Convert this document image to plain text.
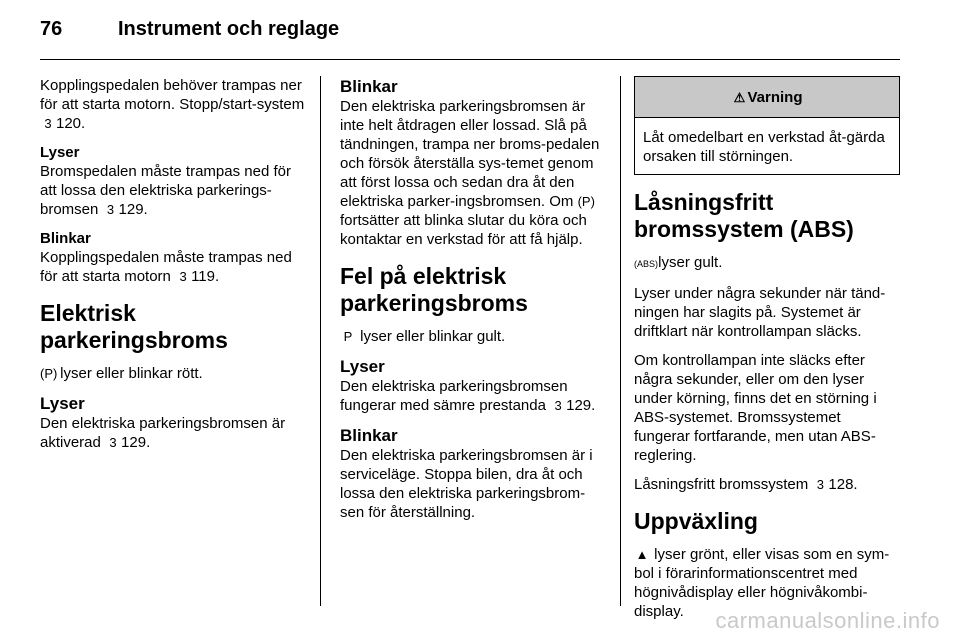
76	Instrument och reglage

Kopplingspedalen behöver trampas ner för att starta motorn. Stopp/start-system 3 120.

Lyser

Bromspedalen måste trampas ned för att lossa den elektriska parkerings-bromsen 3 129.

Blinkar

Kopplingspedalen måste trampas ned för att starta motorn 3 119.

Elektrisk parkeringsbroms

(P) lyser eller blinkar rött.

Lyser

Den elektriska parkeringsbromsen är aktiverad 3 129.

Blinkar

Den elektriska parkeringsbromsen är inte helt åtdragen eller lossad. Slå på tändningen, trampa ner broms-pedalen och försök återställa sys-temet genom att först lossa och sedan dra åt den elektriska parker-ingsbromsen. Om (P) fortsätter att blinka slutar du köra och kontaktar en verkstad för att få hjälp.

Fel på elektrisk parkeringsbroms

P lyser eller blinkar gult.

Lyser

Den elektriska parkeringsbromsen fungerar med sämre prestanda 3 129.

Blinkar

Den elektriska parkeringsbromsen är i serviceläge. Stoppa bilen, dra åt och lossa den elektriska parkeringsbrom-sen för återställning.

⚠ Varning
Låt omedelbart en verkstad åt-gärda orsaken till störningen.
Låsningsfritt bromssystem (ABS)

(ABS) lyser gult.

Lyser under några sekunder när tänd-ningen har slagits på. Systemet är driftklart när kontrollampan släcks.

Om kontrollampan inte släcks efter några sekunder, eller om den lyser under körning, finns det en störning i ABS-systemet. Bromssystemet fungerar fortfarande, men utan ABS-reglering.

Låsningsfritt bromssystem 3 128.

Uppväxling

▲ lyser grönt, eller visas som en sym-bol i förarinformationscentret med högnivådisplay eller högnivåkombi-display.	carmanualsonline.info
